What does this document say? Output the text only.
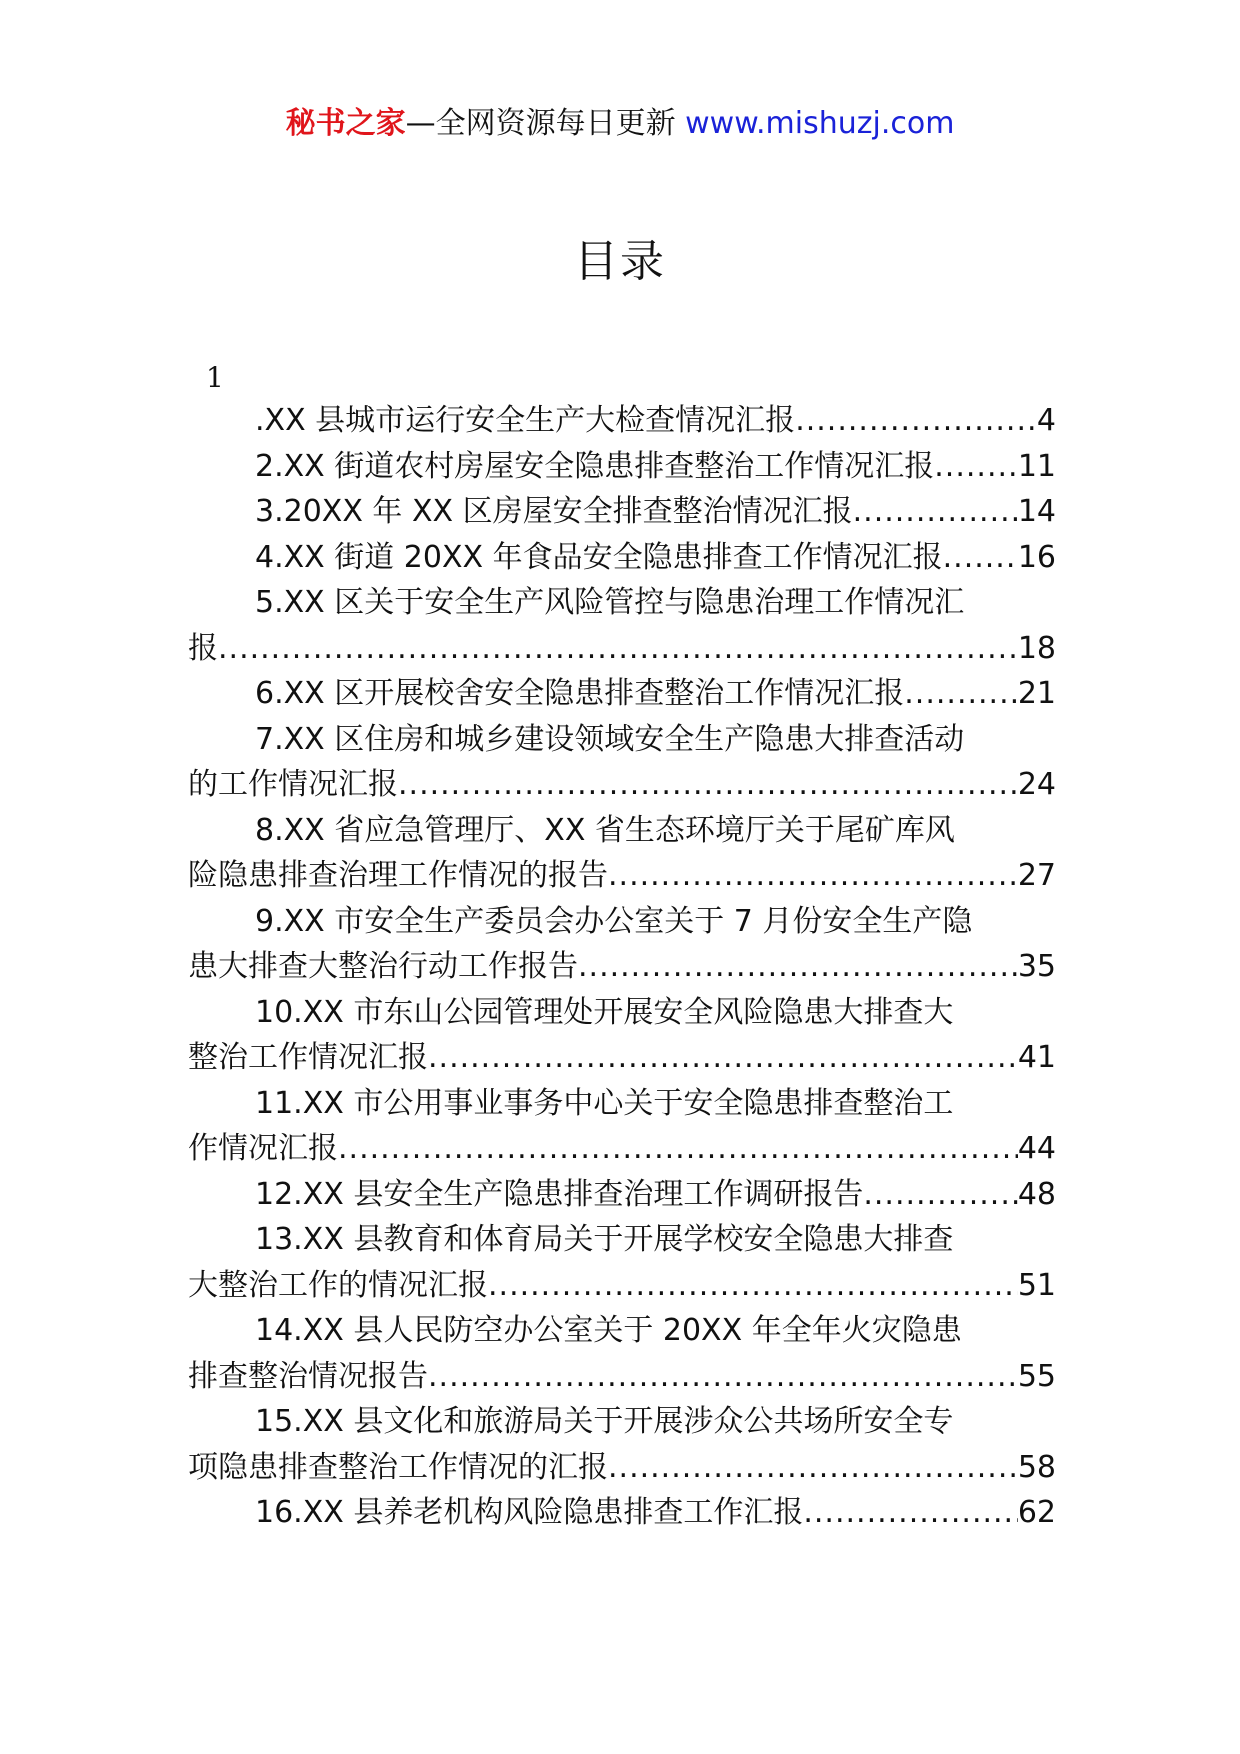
秘书之家—全网资源每日更新 www.mishuzj.com
目录
1
.XX 县城市运行安全生产大检查情况汇报 .....	4
2.XX 街道农村房屋安全隐患排查整治工作情况汇报 .....	11
3.20XX 年 XX 区房屋安全排查整治情况汇报 .....	14
4.XX 街道 20XX 年食品安全隐患排查工作情况汇报 .....	16
5.XX 区关于安全生产风险管控与隐患治理工作情况汇
报 .....	18
6.XX 区开展校舍安全隐患排查整治工作情况汇报 .....	21
7.XX 区住房和城乡建设领域安全生产隐患大排查活动
的工作情况汇报 .....	24
8.XX 省应急管理厅、XX 省生态环境厅关于尾矿库风
险隐患排查治理工作情况的报告 .....	27
9.XX 市安全生产委员会办公室关于 7 月份安全生产隐
患大排查大整治行动工作报告 .....	35
10.XX 市东山公园管理处开展安全风险隐患大排查大
整治工作情况汇报 .....	41
11.XX 市公用事业事务中心关于安全隐患排查整治工
作情况汇报 .....	44
12.XX 县安全生产隐患排查治理工作调研报告 .....	48
13.XX 县教育和体育局关于开展学校安全隐患大排查
大整治工作的情况汇报 .....	51
14.XX 县人民防空办公室关于 20XX 年全年火灾隐患
排查整治情况报告 .....	55
15.XX 县文化和旅游局关于开展涉众公共场所安全专
项隐患排查整治工作情况的汇报 .....	58
16.XX 县养老机构风险隐患排查工作汇报 .....	62
